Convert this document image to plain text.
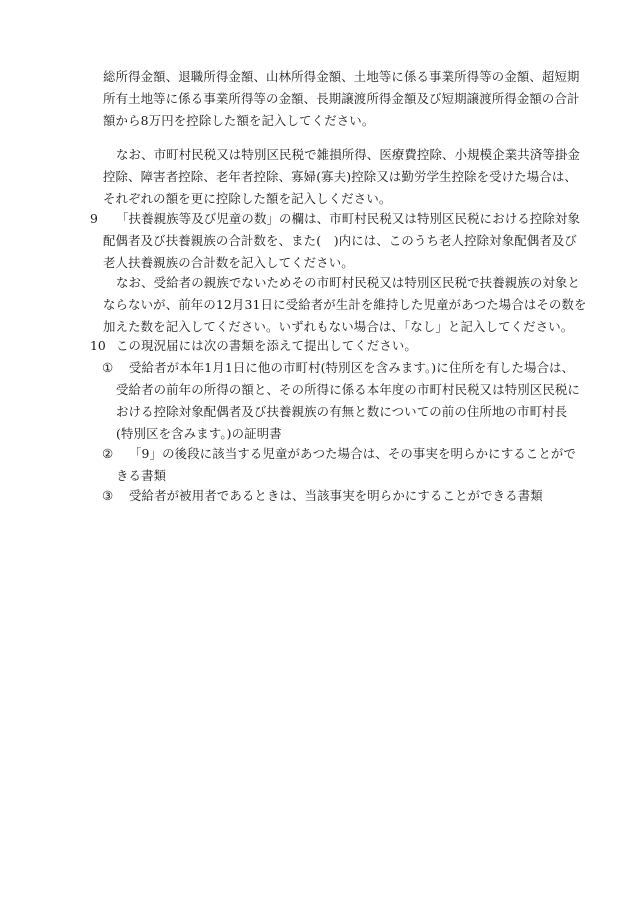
総所得金額、退職所得金額、山林所得金額、土地等に係る事業所得等の金額、超短期
所有土地等に係る事業所得等の金額、長期譲渡所得金額及び短期譲渡所得金額の合計
額から8万円を控除した額を記入してください。
なお、市町村民税又は特別区民税で雑損所得、医療費控除、小規模企業共済等掛金
控除、障害者控除、老年者控除、寡婦(寡夫)控除又は勤労学生控除を受けた場合は、
それぞれの額を更に控除した額を記入しください。
9	「扶養親族等及び児童の数」の欄は、市町村民税又は特別区民税における控除対象
配偶者及び扶養親族の合計数を、また(　)内には、このうち老人控除対象配偶者及び
老人扶養親族の合計数を記入してください。
なお、受給者の親族でないためその市町村民税又は特別区民税で扶養親族の対象と
ならないが、前年の12月31日に受給者が生計を維持した児童があつた場合はその数を
加えた数を記入してください。いずれもない場合は、「なし」と記入してください。
10 この現況届には次の書類を添えて提出してください。
①	受給者が本年1月1日に他の市町村(特別区を含みます。)に住所を有した場合は、
受給者の前年の所得の額と、その所得に係る本年度の市町村民税又は特別区民税に
おける控除対象配偶者及び扶養親族の有無と数についての前の住所地の市町村長
(特別区を含みます。)の証明書
②	「9」の後段に該当する児童があつた場合は、その事実を明らかにすることがで
きる書類
③	受給者が被用者であるときは、当該事実を明らかにすることができる書類
